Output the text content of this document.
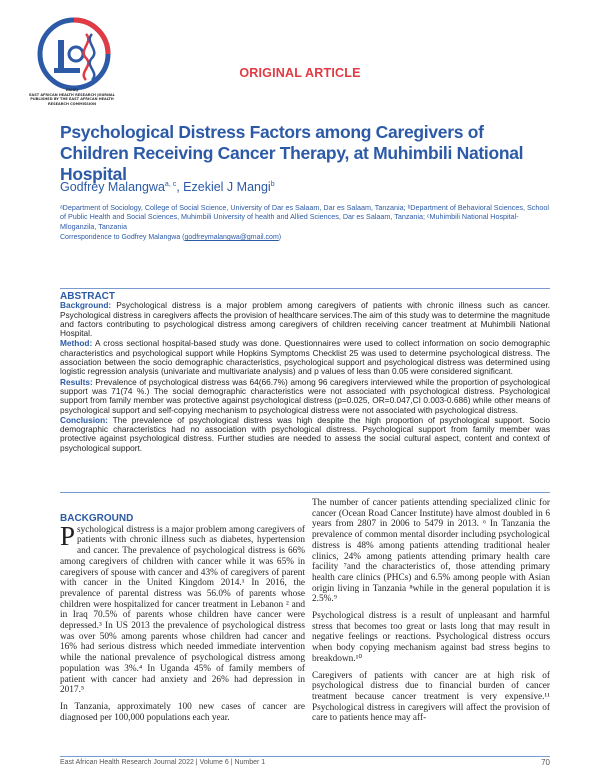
EAHRJ
EAST AFRICAN HEALTH RESEARCH JOURNAL
PUBLISHED BY THE EAST AFRICAN HEALTH RESEARCH COMMISSION
ORIGINAL ARTICLE
Psychological Distress Factors among Caregivers of Children Receiving Cancer Therapy, at Muhimbili National Hospital
Godfrey Malangwa$^{a, c}$, Ezekiel J Mangi$^b$
ᵃDepartment of Sociology, College of Social Science, University of Dar es Salaam, Dar es Salaam, Tanzania; ᵇDepartment of Behavioral Sciences, School of Public Health and Social Sciences, Muhimbili University of health and Allied Sciences, Dar es Salaam, Tanzania; ᶜMuhimbili National Hospital-Mloganzila, Tanzania
Correspondence to Godfrey Malangwa (godfreymalangwa@gmail.com)
ABSTRACT

Background: Psychological distress is a major problem among caregivers of patients with chronic illness such as cancer. Psychological distress in caregivers affects the provision of healthcare services.The aim of this study was to determine the magnitude and factors contributing to psychological distress among caregivers of children receiving cancer treatment at Muhimbili National Hospital.

Method: A cross sectional hospital-based study was done. Questionnaires were used to collect information on socio demographic characteristics and psychological support while Hopkins Symptoms Checklist 25 was used to determine psychological distress. The association between the socio demographic characteristics, psychological support and psychological distress was determined using logistic regression analysis (univariate and multivariate analysis) and p values of less than 0.05 were considered significant.

Results: Prevalence of psychological distress was 64(66.7%) among 96 caregivers interviewed while the proportion of psychological support was 71(74 %.) The social demographic characteristics were not associated with psychological distress. Psychological support from family member was protective against psychological distress (p=0.025, OR=0.047,CI 0.003-0.686) while other means of psychological support and self-copying mechanism to psychological distress were not associated with psychological distress.

Conclusion: The prevalence of psychological distress was high despite the high proportion of psychological support. Socio demographic characteristics had no association with psychological distress. Psychological support from family member was protective against psychological distress. Further studies are needed to assess the social cultural aspect, content and context of psychological support.

BACKGROUND

Psychological distress is a major problem among caregivers of patients with chronic illness such as diabetes, hypertension and cancer. The prevalence of psychological distress is 66% among caregivers of children with cancer while it was 65% in caregivers of spouse with cancer and 43% of caregivers of parent with cancer in the United Kingdom 2014.¹ In 2016, the prevalence of parental distress was 56.0% of parents whose children were hospitalized for cancer treatment in Lebanon ² and in Iraq 70.5% of parents whose children have cancer were depressed.³ In US 2013 the prevalence of psychological distress was over 50% among parents whose children had cancer and 16% had serious distress which needed immediate intervention while the national prevalence of psychological distress among population was 3%.⁴ In Uganda 45% of family members of patient with cancer had anxiety and 26% had depression in 2017.⁵

In Tanzania, approximately 100 new cases of cancer are diagnosed per 100,000 populations each year.

The number of cancer patients attending specialized clinic for cancer (Ocean Road Cancer Institute) have almost doubled in 6 years from 2807 in 2006 to 5479 in 2013. ⁶ In Tanzania the prevalence of common mental disorder including psychological distress is 48% among patients attending traditional healer clinics, 24% among patients attending primary health care facility ⁷and the characteristics of, those attending primary health care clinics (PHCs) and 6.5% among people with Asian origin living in Tanzania ⁸while in the general population it is 2.5%.⁹

Psychological distress is a result of unpleasant and harmful stress that becomes too great or lasts long that may result in negative feelings or reactions. Psychological distress occurs when body copying mechanism against bad stress begins to breakdown.¹⁰

Caregivers of patients with cancer are at high risk of psychological distress due to financial burden of cancer treatment because cancer treatment is very expensive.¹¹ Psychological distress in caregivers will affect the provision of care to patients hence may aff-

East African Health Research Journal 2022 | Volume 6 | Number 1	70
